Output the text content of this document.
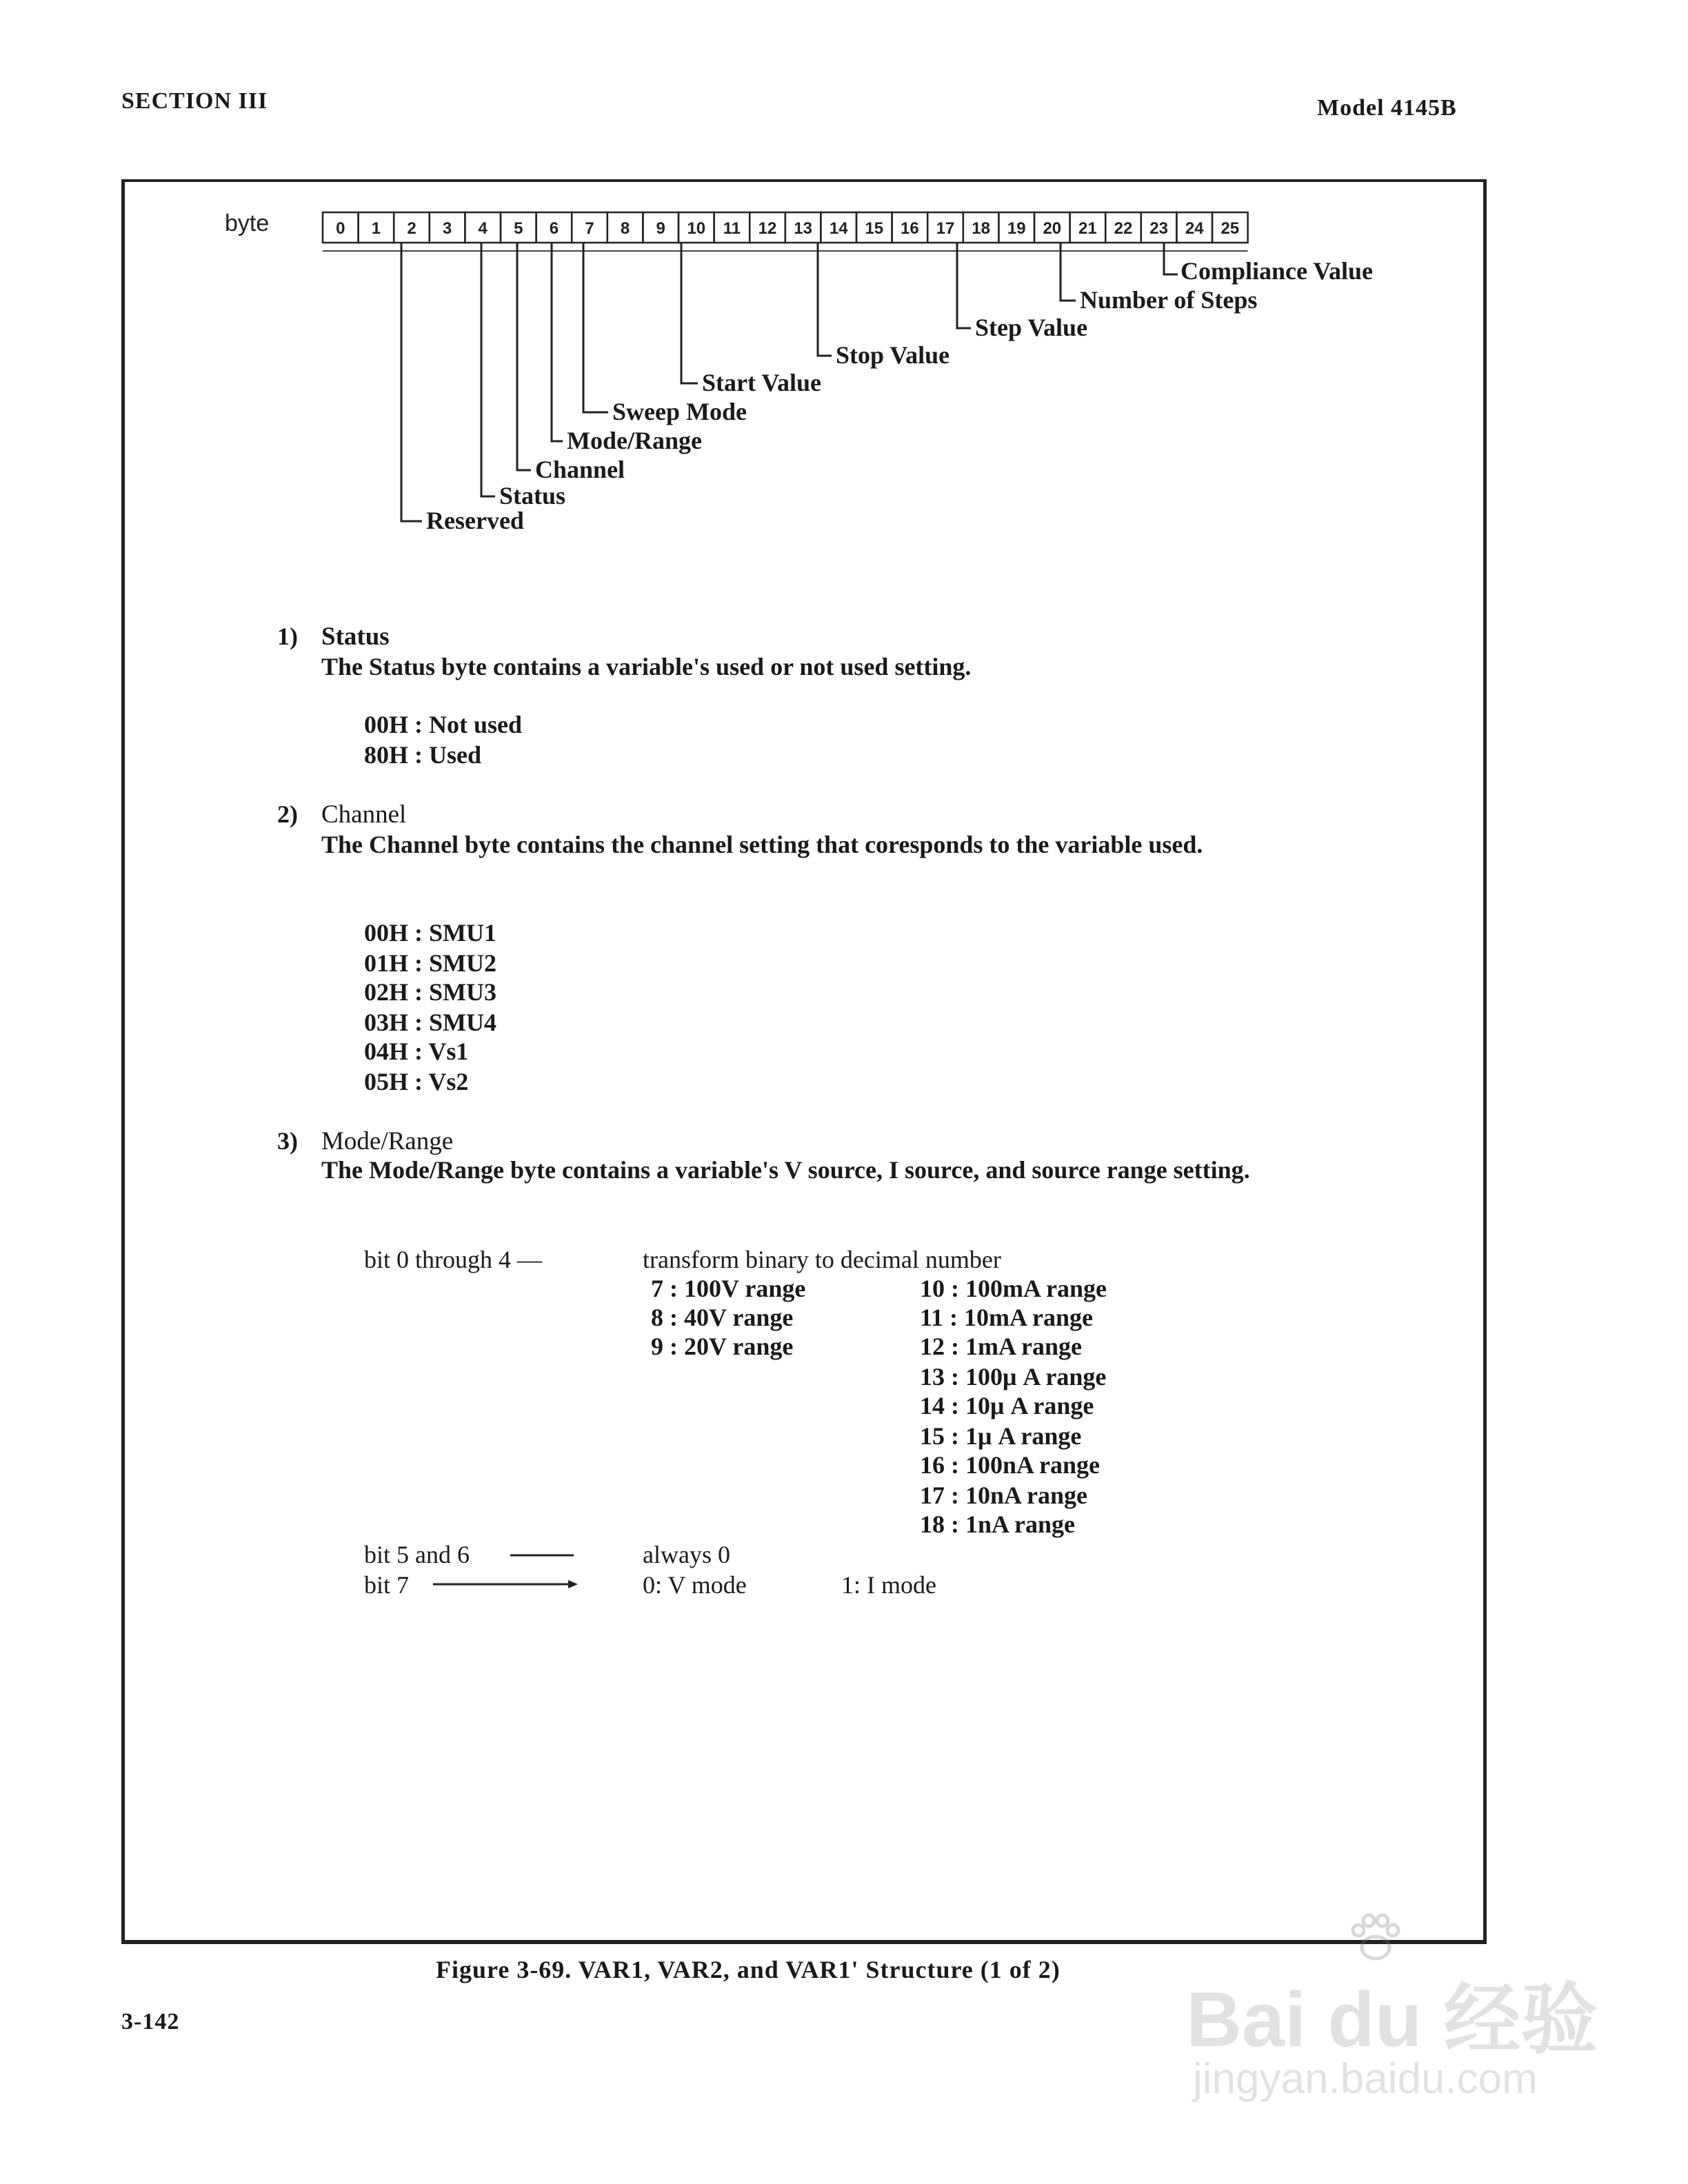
SECTION III	Model 4145B
byte	0 1 2 3 4 5 6 7 8 9 10 11 12 13 14 15 16 17 18 19 20 21 22 23 24 25
Compliance Value
Number of Steps
Step Value
Stop Value
Start Value
Sweep Mode
Mode/Range
Channel
Status
Reserved
1) Status
The Status byte contains a variable's used or not used setting.
00H : Not used
80H : Used
2) Channel
The Channel byte contains the channel setting that coresponds to the variable used.
00H : SMU1
01H : SMU2
02H : SMU3
03H : SMU4
04H : Vs1
05H : Vs2
3) Mode/Range
The Mode/Range byte contains a variable's V source, I source, and source range setting.
bit 0 through 4 —	transform binary to decimal number
7 : 100V range
8 : 40V range
9 : 20V range
10 : 100mA range
11 : 10mA range
12 : 1mA range
13 : 100μ A range
14 : 10μ A range
15 : 1μ A range
16 : 100nA range
17 : 10nA range
18 : 1nA range
bit 5 and 6	always 0
bit 7	0: V mode	1: I mode
Figure 3-69. VAR1, VAR2, and VAR1' Structure (1 of 2)
3-142	Bai du 经验
jingyan.baidu.com
